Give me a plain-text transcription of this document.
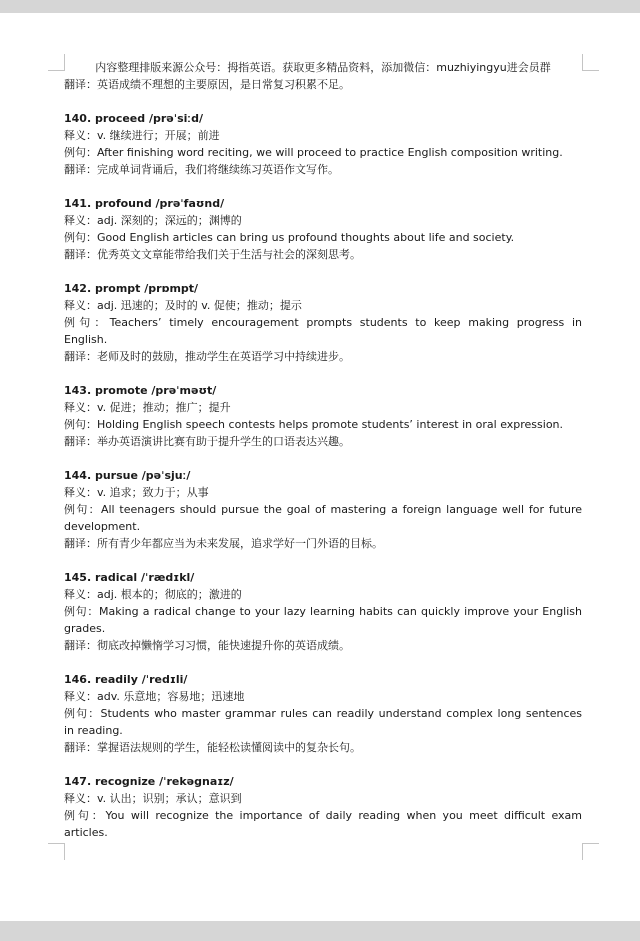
内容整理排版来源公众号：拇指英语。获取更多精品资料，添加微信：muzhiyingyu进会员群
翻译：英语成绩不理想的主要原因，是日常复习积累不足。
140. proceed /prəˈsiːd/
释义：v. 继续进行；开展；前进
例句：After finishing word reciting, we will proceed to practice English composition writing.
翻译：完成单词背诵后，我们将继续练习英语作文写作。
141. profound /prəˈfaʊnd/
释义：adj. 深刻的；深远的；渊博的
例句：Good English articles can bring us profound thoughts about life and society.
翻译：优秀英文文章能带给我们关于生活与社会的深刻思考。
142. prompt /prɒmpt/
释义：adj. 迅速的；及时的 v. 促使；推动；提示
例句：Teachers’ timely encouragement prompts students to keep making progress in
English.
翻译：老师及时的鼓励，推动学生在英语学习中持续进步。
143. promote /prəˈməʊt/
释义：v. 促进；推动；推广；提升
例句：Holding English speech contests helps promote students’ interest in oral expression.
翻译：举办英语演讲比赛有助于提升学生的口语表达兴趣。
144. pursue /pəˈsjuː/
释义：v. 追求；致力于；从事
例句：All teenagers should pursue the goal of mastering a foreign language well for future
development.
翻译：所有青少年都应当为未来发展，追求学好一门外语的目标。
145. radical /ˈrædɪkl/
释义：adj. 根本的；彻底的；激进的
例句：Making a radical change to your lazy learning habits can quickly improve your English
grades.
翻译：彻底改掉懒惰学习习惯，能快速提升你的英语成绩。
146. readily /ˈredɪli/
释义：adv. 乐意地；容易地；迅速地
例句：Students who master grammar rules can readily understand complex long sentences
in reading.
翻译：掌握语法规则的学生，能轻松读懂阅读中的复杂长句。
147. recognize /ˈrekəgnaɪz/
释义：v. 认出；识别；承认；意识到
例句：You will recognize the importance of daily reading when you meet difficult exam
articles.
